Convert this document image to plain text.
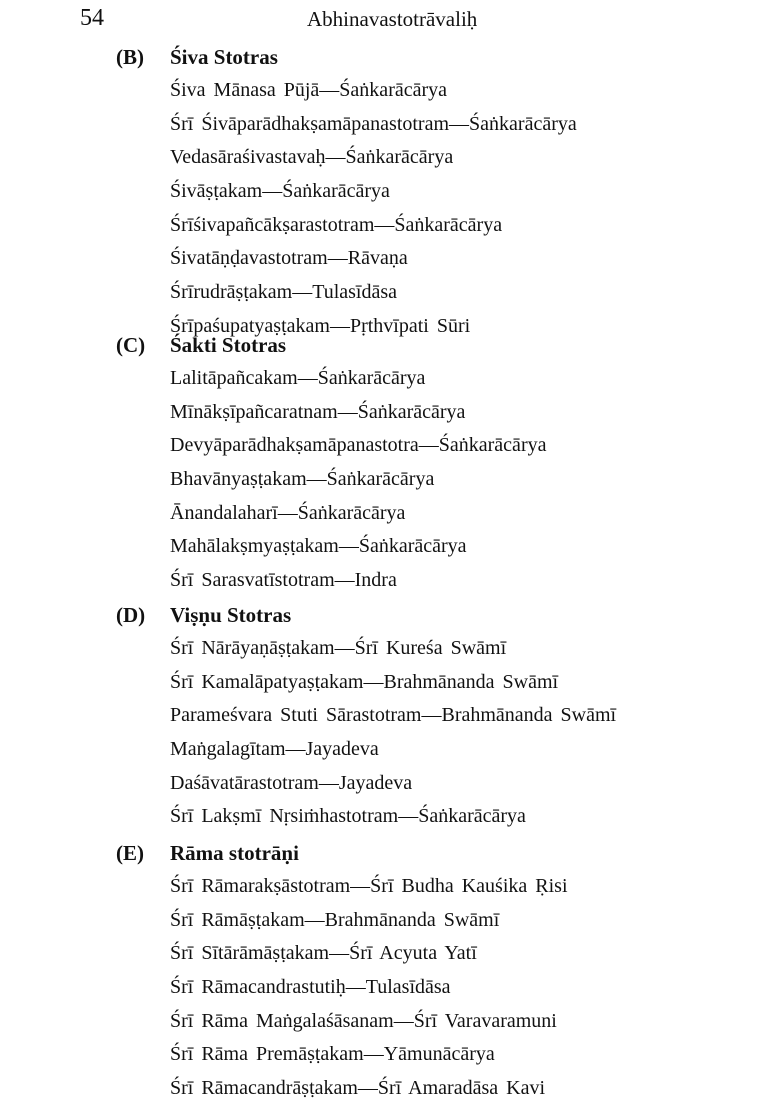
54	Abhinavastotrāvaliḥ
(B) Śiva Stotras
Śiva Mānasa Pūjā—Śaṅkarācārya
Śrī Śivāparādhakṣamāpanastotram—Śaṅkarācārya
Vedasāraśivastavaḥ—Śaṅkarācārya
Śivāṣṭakam—Śaṅkarācārya
Śrīśivapañcākṣarastotram—Śaṅkarācārya
Śivatāṇḍavastotram—Rāvaṇa
Śrīrudrāṣṭakam—Tulasīdāsa
Śrīpaśupatyaṣṭakam—Pṛthvīpati Sūri
(C) Śakti Stotras
Lalitāpañcakam—Śaṅkarācārya
Mīnākṣīpañcaratnam—Śaṅkarācārya
Devyāparādhakṣamāpanastotra—Śaṅkarācārya
Bhavānyaṣṭakam—Śaṅkarācārya
Ānandalaharī—Śaṅkarācārya
Mahālakṣmyaṣṭakam—Śaṅkarācārya
Śrī Sarasvatīstotram—Indra
(D) Viṣṇu Stotras
Śrī Nārāyaṇāṣṭakam—Śrī Kureśa Swāmī
Śrī Kamalāpatyaṣṭakam—Brahmānanda Swāmī
Parameśvara Stuti Sārastotram—Brahmānanda Swāmī
Maṅgalagītam—Jayadeva
Daśāvatārastotram—Jayadeva
Śrī Lakṣmī Nṛsiṁhastotram—Śaṅkarācārya
(E) Rāma stotrāṇi
Śrī Rāmarakṣāstotram—Śrī Budha Kauśika Ṛisi
Śrī Rāmāṣṭakam—Brahmānanda Swāmī
Śrī Sītārāmāṣṭakam—Śrī Acyuta Yatī
Śrī Rāmacandrastutiḥ—Tulasīdāsa
Śrī Rāma Maṅgalaśāsanam—Śrī Varavaramuni
Śrī Rāma Premāṣṭakam—Yāmunācārya
Śrī Rāmacandrāṣṭakam—Śrī Amaradāsa Kavi
